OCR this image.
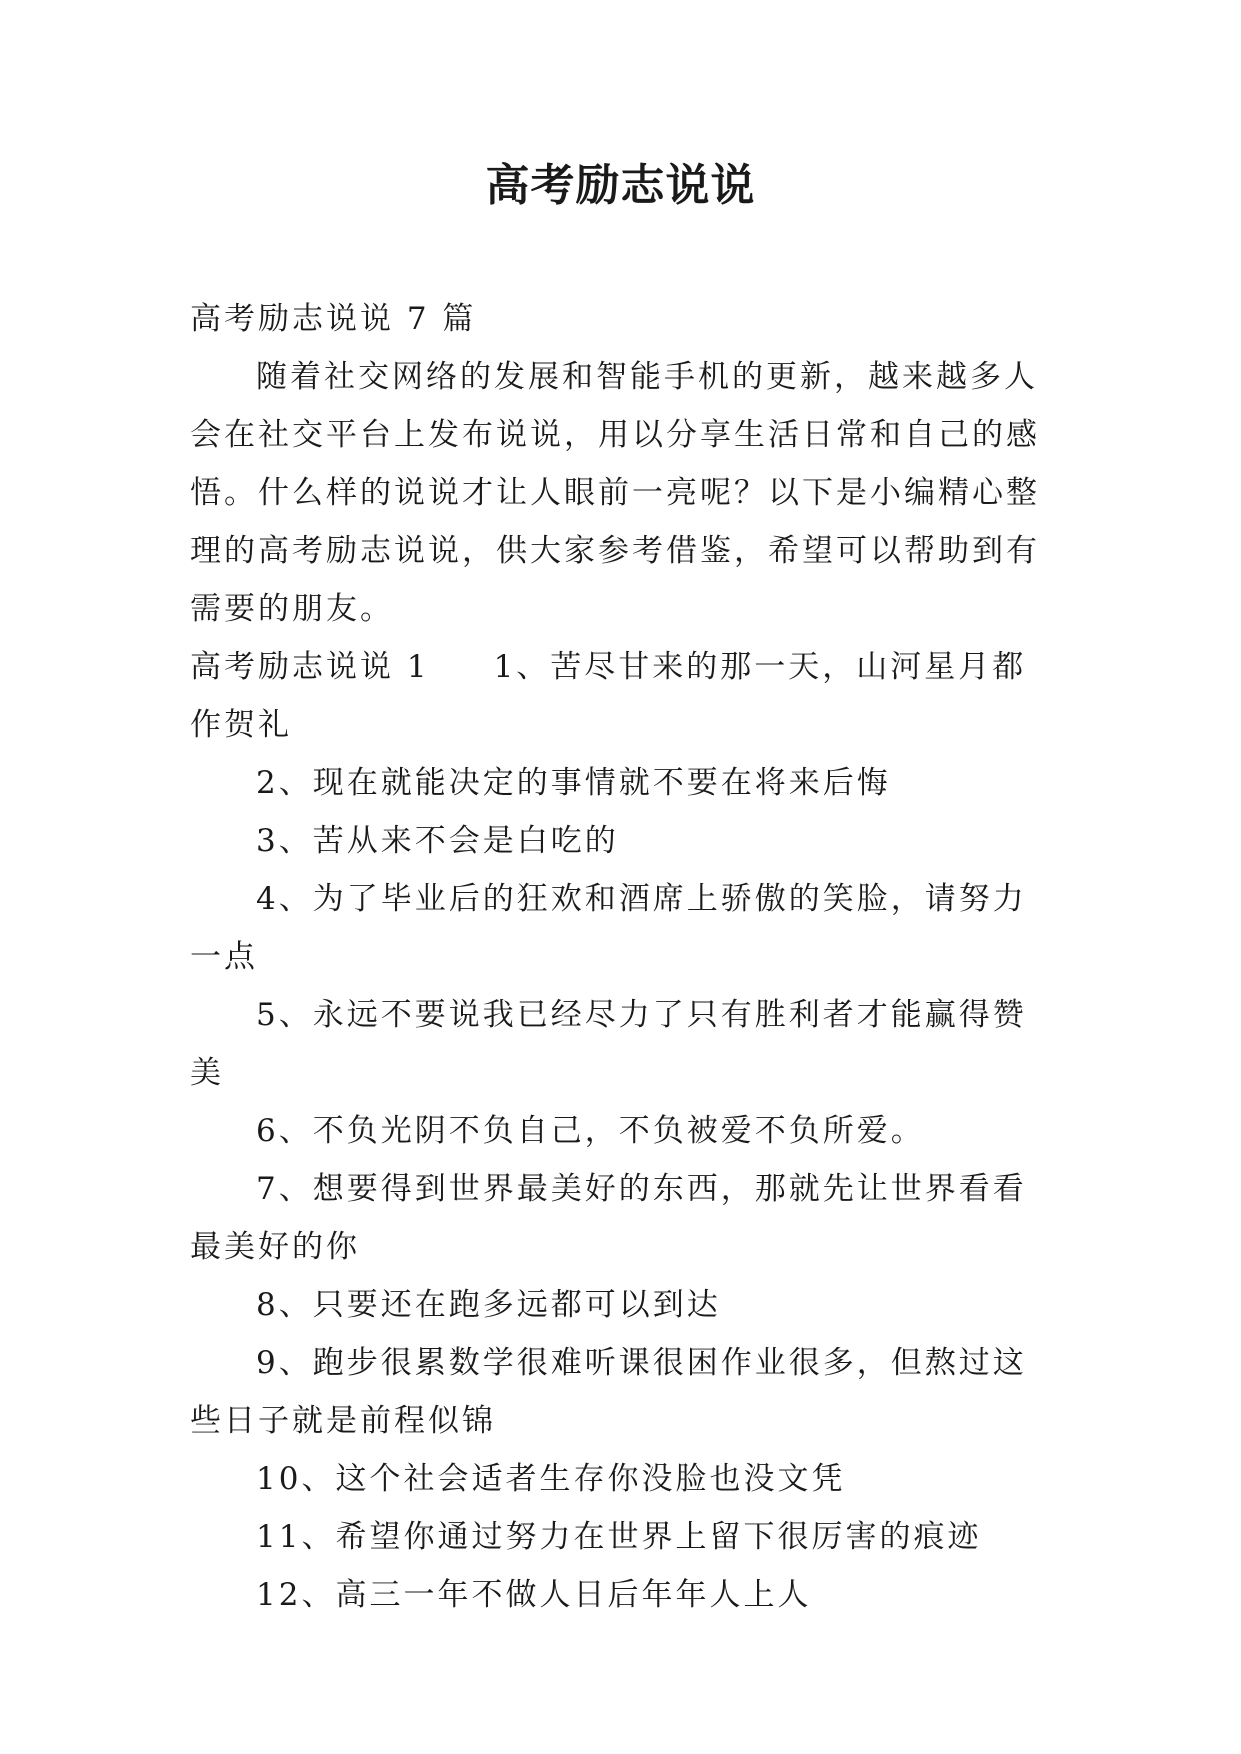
高考励志说说

高考励志说说 7 篇

随着社交网络的发展和智能手机的更新，越来越多人会在社交平台上发布说说，用以分享生活日常和自己的感悟。什么样的说说才让人眼前一亮呢？以下是小编精心整理的高考励志说说，供大家参考借鉴，希望可以帮助到有需要的朋友。

高考励志说说 1 1、苦尽甘来的那一天，山河星月都作贺礼

2、现在就能决定的事情就不要在将来后悔

3、苦从来不会是白吃的

4、为了毕业后的狂欢和酒席上骄傲的笑脸，请努力一点

5、永远不要说我已经尽力了只有胜利者才能赢得赞美

6、不负光阴不负自己，不负被爱不负所爱。

7、想要得到世界最美好的东西，那就先让世界看看最美好的你

8、只要还在跑多远都可以到达

9、跑步很累数学很难听课很困作业很多，但熬过这些日子就是前程似锦

10、这个社会适者生存你没脸也没文凭

11、希望你通过努力在世界上留下很厉害的痕迹

12、高三一年不做人日后年年人上人
